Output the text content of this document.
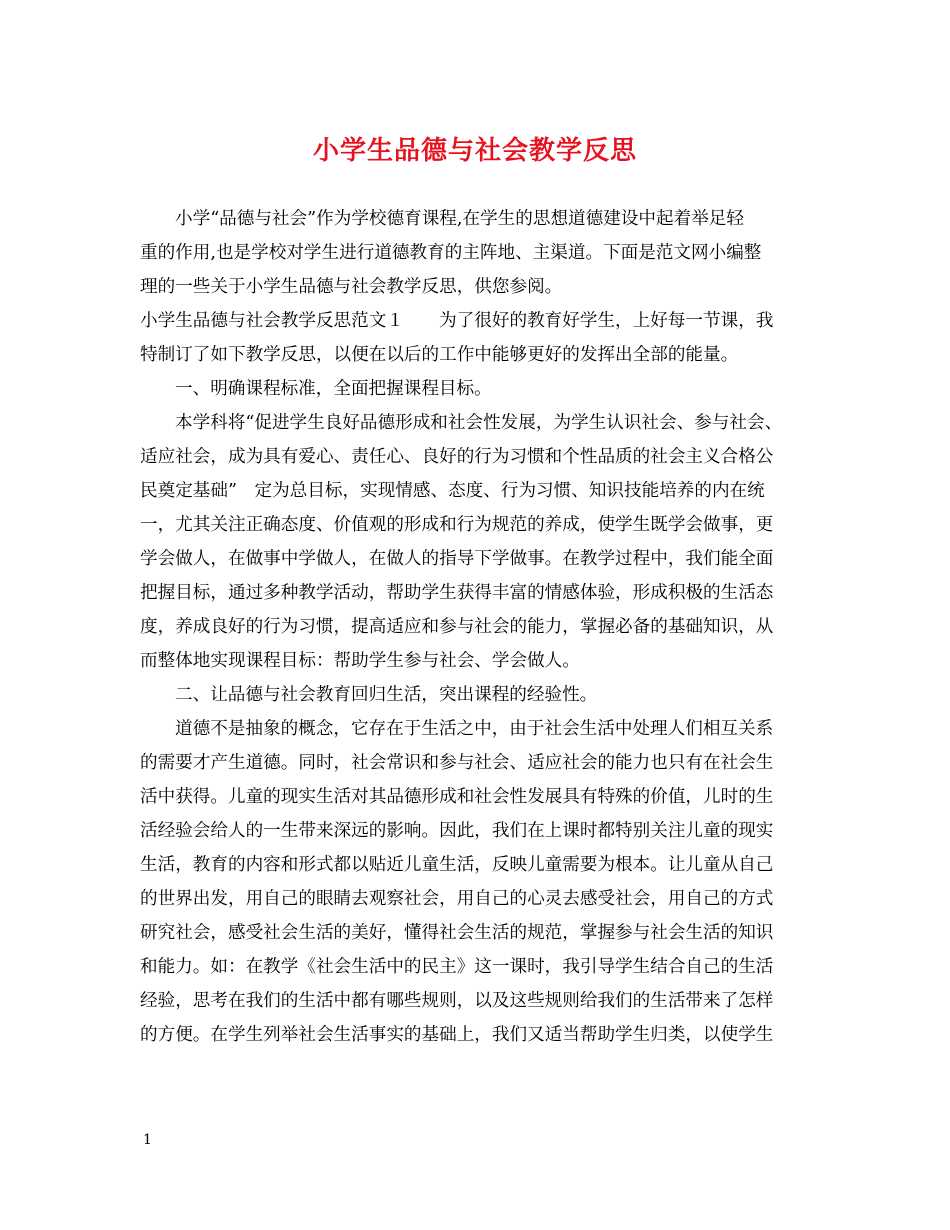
小学生品德与社会教学反思
小学“品德与社会”作为学校德育课程,在学生的思想道德建设中起着举足轻
重的作用,也是学校对学生进行道德教育的主阵地、主渠道。下面是范文网小编整
理的一些关于小学生品德与社会教学反思，供您参阅。
小学生品德与社会教学反思范文１　　为了很好的教育好学生，上好每一节课，我
特制订了如下教学反思，以便在以后的工作中能够更好的发挥出全部的能量。
一、明确课程标准，全面把握课程目标。
本学科将“促进学生良好品德形成和社会性发展，为学生认识社会、参与社会、
适应社会，成为具有爱心、责任心、良好的行为习惯和个性品质的社会主义合格公
民奠定基础”　定为总目标，实现情感、态度、行为习惯、知识技能培养的内在统
一，尤其关注正确态度、价值观的形成和行为规范的养成，使学生既学会做事，更
学会做人，在做事中学做人，在做人的指导下学做事。在教学过程中，我们能全面
把握目标，通过多种教学活动，帮助学生获得丰富的情感体验，形成积极的生活态
度，养成良好的行为习惯，提高适应和参与社会的能力，掌握必备的基础知识，从
而整体地实现课程目标：帮助学生参与社会、学会做人。
二、让品德与社会教育回归生活，突出课程的经验性。
道德不是抽象的概念，它存在于生活之中，由于社会生活中处理人们相互关系
的需要才产生道德。同时，社会常识和参与社会、适应社会的能力也只有在社会生
活中获得。儿童的现实生活对其品德形成和社会性发展具有特殊的价值，儿时的生
活经验会给人的一生带来深远的影响。因此，我们在上课时都特别关注儿童的现实
生活，教育的内容和形式都以贴近儿童生活，反映儿童需要为根本。让儿童从自己
的世界出发，用自己的眼睛去观察社会，用自己的心灵去感受社会，用自己的方式
研究社会，感受社会生活的美好，懂得社会生活的规范，掌握参与社会生活的知识
和能力。如：在教学《社会生活中的民主》这一课时，我引导学生结合自己的生活
经验，思考在我们的生活中都有哪些规则，以及这些规则给我们的生活带来了怎样
的方便。在学生列举社会生活事实的基础上，我们又适当帮助学生归类，以使学生
1
